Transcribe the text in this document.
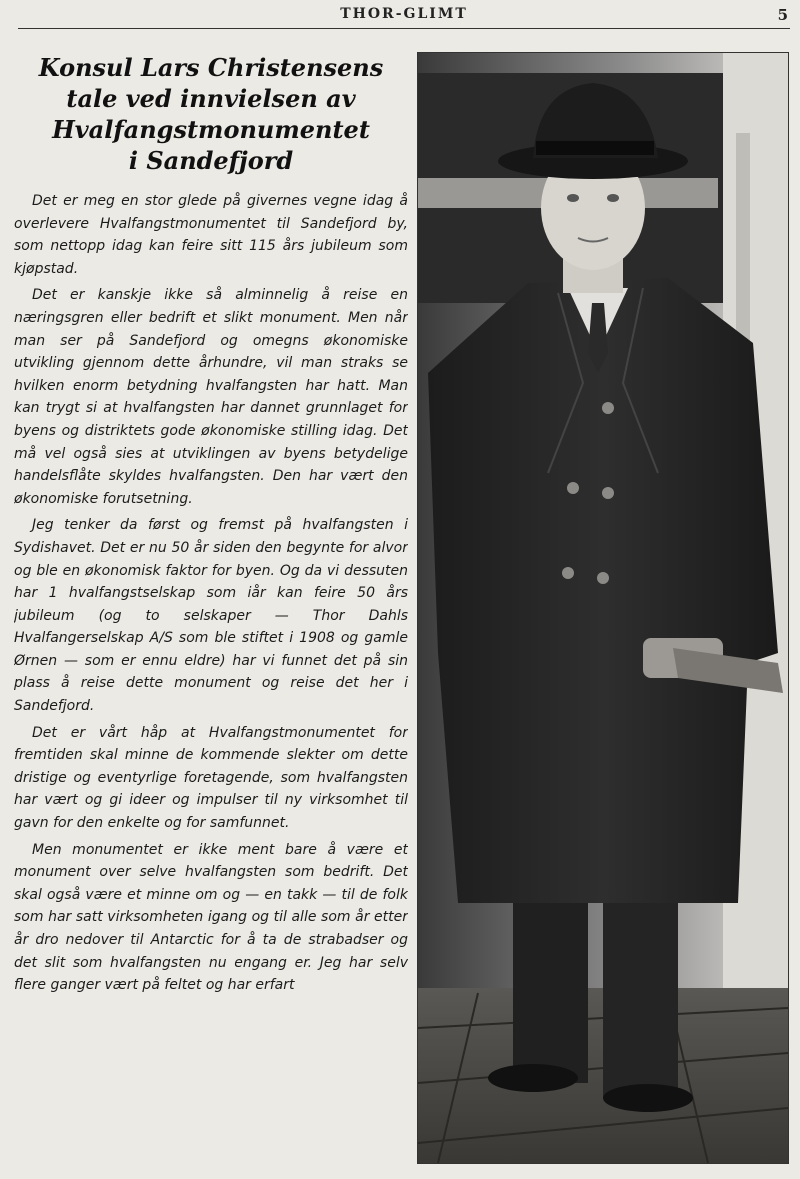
THOR-GLIMT	5
Konsul Lars Christensens
tale ved innvielsen av
Hvalfangstmonumentet
i Sandefjord

Det er meg en stor glede på givernes vegne idag å overlevere Hvalfangstmonumentet til Sandefjord by, som nettopp idag kan feire sitt 115 års jubileum som kjøpstad.

Det er kanskje ikke så alminnelig å reise en næringsgren eller bedrift et slikt monument. Men når man ser på Sandefjord og omegns økonomiske utvikling gjennom dette århundre, vil man straks se hvilken enorm betydning hvalfangsten har hatt. Man kan trygt si at hvalfangsten har dannet grunnlaget for byens og distriktets gode økonomiske stilling idag. Det må vel også sies at utviklingen av byens betydelige handelsflåte skyldes hvalfangsten. Den har vært den økonomiske forutsetning.

Jeg tenker da først og fremst på hvalfangsten i Sydishavet. Det er nu 50 år siden den begynte for alvor og ble en økonomisk faktor for byen. Og da vi dessuten har 1 hvalfangstselskap som iår kan feire 50 års jubileum (og to selskaper — Thor Dahls Hvalfangerselskap A/S som ble stiftet i 1908 og gamle Ørnen — som er ennu eldre) har vi funnet det på sin plass å reise dette monument og reise det her i Sandefjord.

Det er vårt håp at Hvalfangstmonumentet for fremtiden skal minne de kommende slekter om dette dristige og eventyrlige foretagende, som hvalfangsten har vært og gi ideer og impulser til ny virksomhet til gavn for den enkelte og for samfunnet.

Men monumentet er ikke ment bare å være et monument over selve hvalfangsten som bedrift. Det skal også være et minne om og — en takk — til de folk som har satt virksomheten igang og til alle som år etter år dro nedover til Antarctic for å ta de strabadser og det slit som hvalfangsten nu engang er. Jeg har selv flere ganger vært på feltet og har erfart
